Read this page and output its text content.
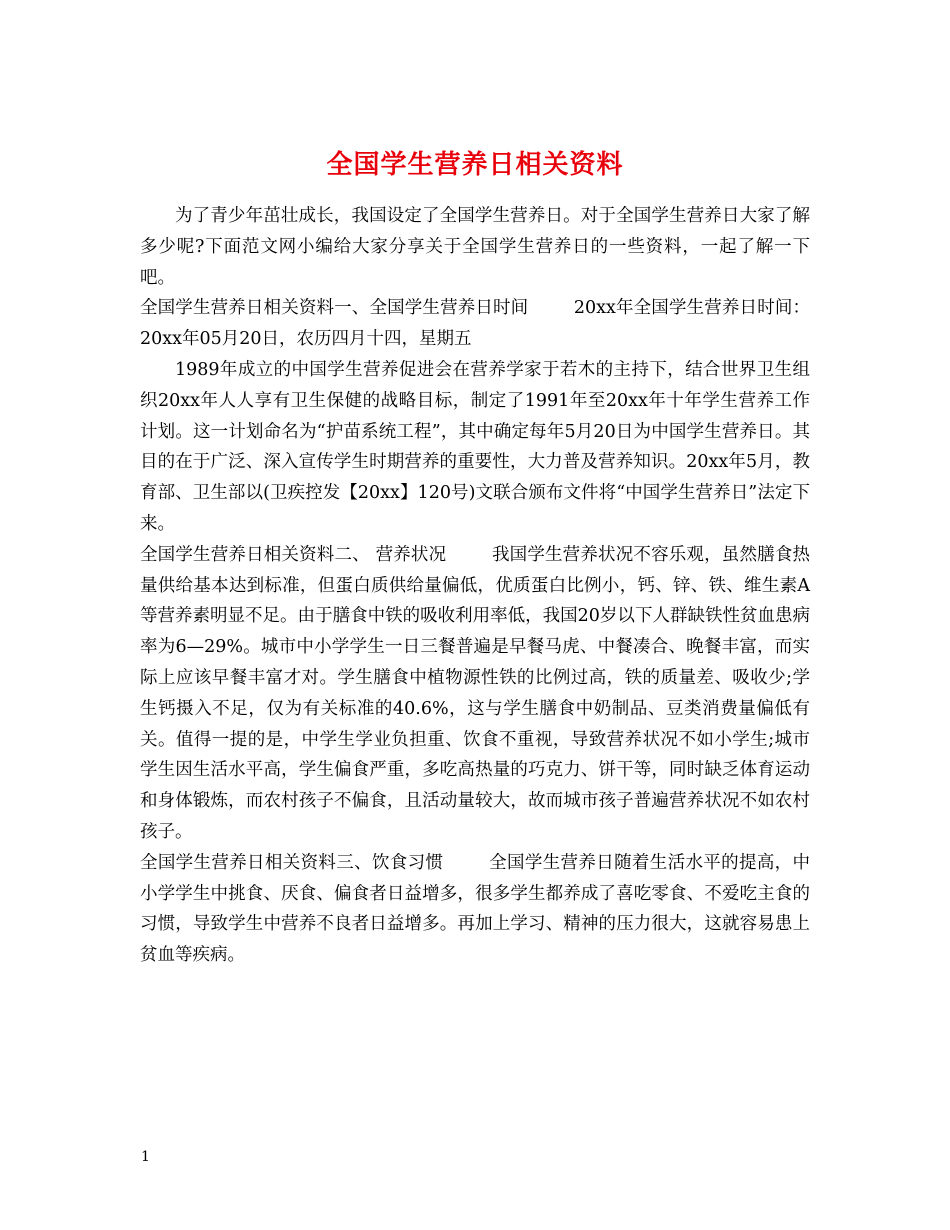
全国学生营养日相关资料

为了青少年茁壮成长，我国设定了全国学生营养日。对于全国学生营养日大家了解多少呢?下面范文网小编给大家分享关于全国学生营养日的一些资料，一起了解一下吧。

全国学生营养日相关资料一、全国学生营养日时间	20xx年全国学生营养日时间：20xx年05月20日，农历四月十四，星期五

1989年成立的中国学生营养促进会在营养学家于若木的主持下，结合世界卫生组织20xx年人人享有卫生保健的战略目标，制定了1991年至20xx年十年学生营养工作计划。这一计划命名为“护苗系统工程”，其中确定每年5月20日为中国学生营养日。其目的在于广泛、深入宣传学生时期营养的重要性，大力普及营养知识。20xx年5月，教育部、卫生部以(卫疾控发【20xx】120号)文联合颁布文件将“中国学生营养日”法定下来。

全国学生营养日相关资料二、 营养状况	我国学生营养状况不容乐观，虽然膳食热量供给基本达到标准，但蛋白质供给量偏低，优质蛋白比例小，钙、锌、铁、维生素A等营养素明显不足。由于膳食中铁的吸收利用率低，我国20岁以下人群缺铁性贫血患病率为6—29%。城市中小学学生一日三餐普遍是早餐马虎、中餐凑合、晚餐丰富，而实际上应该早餐丰富才对。学生膳食中植物源性铁的比例过高，铁的质量差、吸收少;学生钙摄入不足，仅为有关标准的40.6%，这与学生膳食中奶制品、豆类消费量偏低有关。值得一提的是，中学生学业负担重、饮食不重视，导致营养状况不如小学生;城市学生因生活水平高，学生偏食严重，多吃高热量的巧克力、饼干等，同时缺乏体育运动和身体锻炼，而农村孩子不偏食，且活动量较大，故而城市孩子普遍营养状况不如农村孩子。

全国学生营养日相关资料三、饮食习惯	全国学生营养日随着生活水平的提高，中小学学生中挑食、厌食、偏食者日益增多，很多学生都养成了喜吃零食、不爱吃主食的习惯，导致学生中营养不良者日益增多。再加上学习、精神的压力很大，这就容易患上贫血等疾病。

1
